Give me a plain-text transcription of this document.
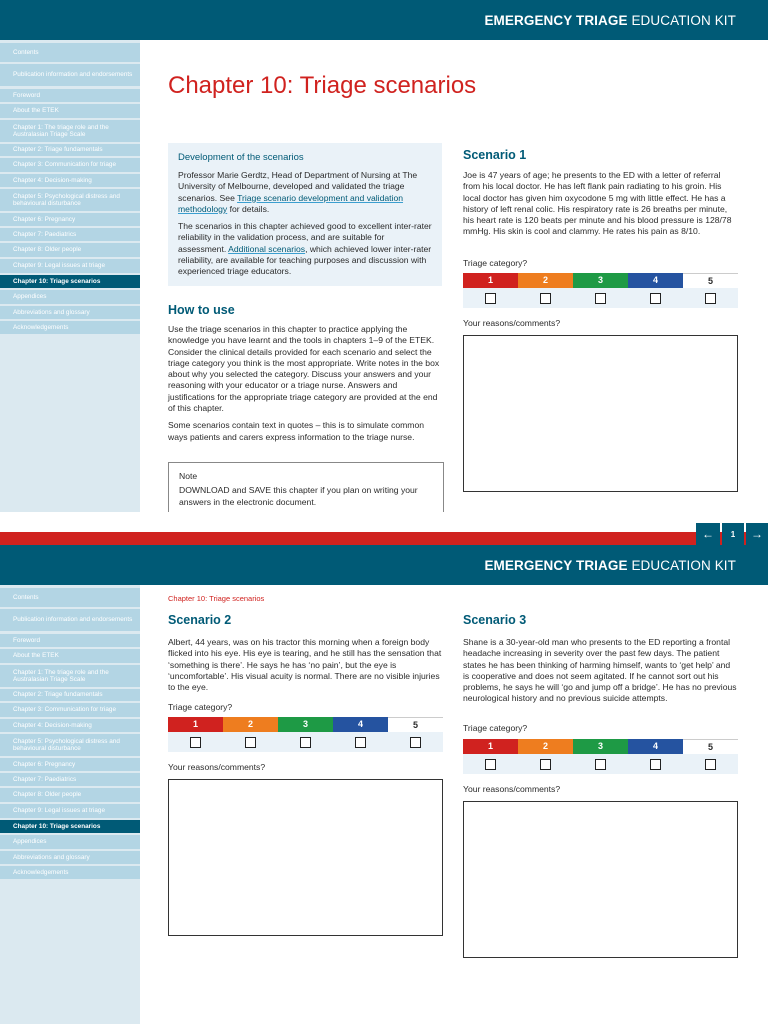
EMERGENCY TRIAGE EDUCATION KIT
Contents
Publication information and endorsements
Foreword
About the ETEK
Chapter 1: The triage role and the Australasian Triage Scale
Chapter 2: Triage fundamentals
Chapter 3: Communication for triage
Chapter 4: Decision-making
Chapter 5: Psychological distress and behavioural disturbance
Chapter 6: Pregnancy
Chapter 7: Paediatrics
Chapter 8: Older people
Chapter 9: Legal issues at triage
Chapter 10: Triage scenarios
Appendices
Abbreviations and glossary
Acknowledgements
Chapter 10: Triage scenarios
Development of the scenarios

Professor Marie Gerdtz, Head of Department of Nursing at The University of Melbourne, developed and validated the triage scenarios. See Triage scenario development and validation methodology for details.

The scenarios in this chapter achieved good to excellent inter-rater reliability in the validation process, and are suitable for assessment. Additional scenarios, which achieved lower inter-rater reliability, are available for teaching purposes and discussion with experienced triage educators.

How to use

Use the triage scenarios in this chapter to practice applying the knowledge you have learnt and the tools in chapters 1–9 of the ETEK. Consider the clinical details provided for each scenario and select the triage category you think is the most appropriate. Write notes in the box about why you selected the category. Discuss your answers and your reasoning with your educator or a triage nurse. Answers and justifications for the appropriate triage category are provided at the end of this chapter.

Some scenarios contain text in quotes – this is to simulate common ways patients and carers express information to the triage nurse.

Note
DOWNLOAD and SAVE this chapter if you plan on writing your answers in the electronic document.
Scenario 1
Joe is 47 years of age; he presents to the ED with a letter of referral from his local doctor. He has left flank pain radiating to his groin. His local doctor has given him oxycodone 5 mg with little effect. He has a history of left renal colic. His respiratory rate is 26 breaths per minute, his heart rate is 120 beats per minute and his blood pressure is 128/78 mmHg. His skin is cool and clammy. He rates his pain as 8/10.
Triage category?
1	2	3	4	5
Your reasons/comments?
←	1	→
EMERGENCY TRIAGE EDUCATION KIT
Contents
Publication information and endorsements
Foreword
About the ETEK
Chapter 1: The triage role and the Australasian Triage Scale
Chapter 2: Triage fundamentals
Chapter 3: Communication for triage
Chapter 4: Decision-making
Chapter 5: Psychological distress and behavioural disturbance
Chapter 6: Pregnancy
Chapter 7: Paediatrics
Chapter 8: Older people
Chapter 9: Legal issues at triage
Chapter 10: Triage scenarios
Appendices
Abbreviations and glossary
Acknowledgements
Chapter 10: Triage scenarios
Scenario 2
Albert, 44 years, was on his tractor this morning when a foreign body flicked into his eye. His eye is tearing, and he still has the sensation that ‘something is there’. He says he has ‘no pain’, but the eye is ‘uncomfortable’. His visual acuity is normal. There are no visible injuries to the eye.
Triage category?
1	2	3	4	5
Your reasons/comments?
Scenario 3
Shane is a 30-year-old man who presents to the ED reporting a frontal headache increasing in severity over the past few days. The patient states he has been thinking of harming himself, wants to ‘get help’ and is cooperative and does not seem agitated. If he cannot sort out his problems, he says he will ‘go and jump off a bridge’. He has no previous neurological history and no previous suicide attempts.
Triage category?
1	2	3	4	5
Your reasons/comments?
